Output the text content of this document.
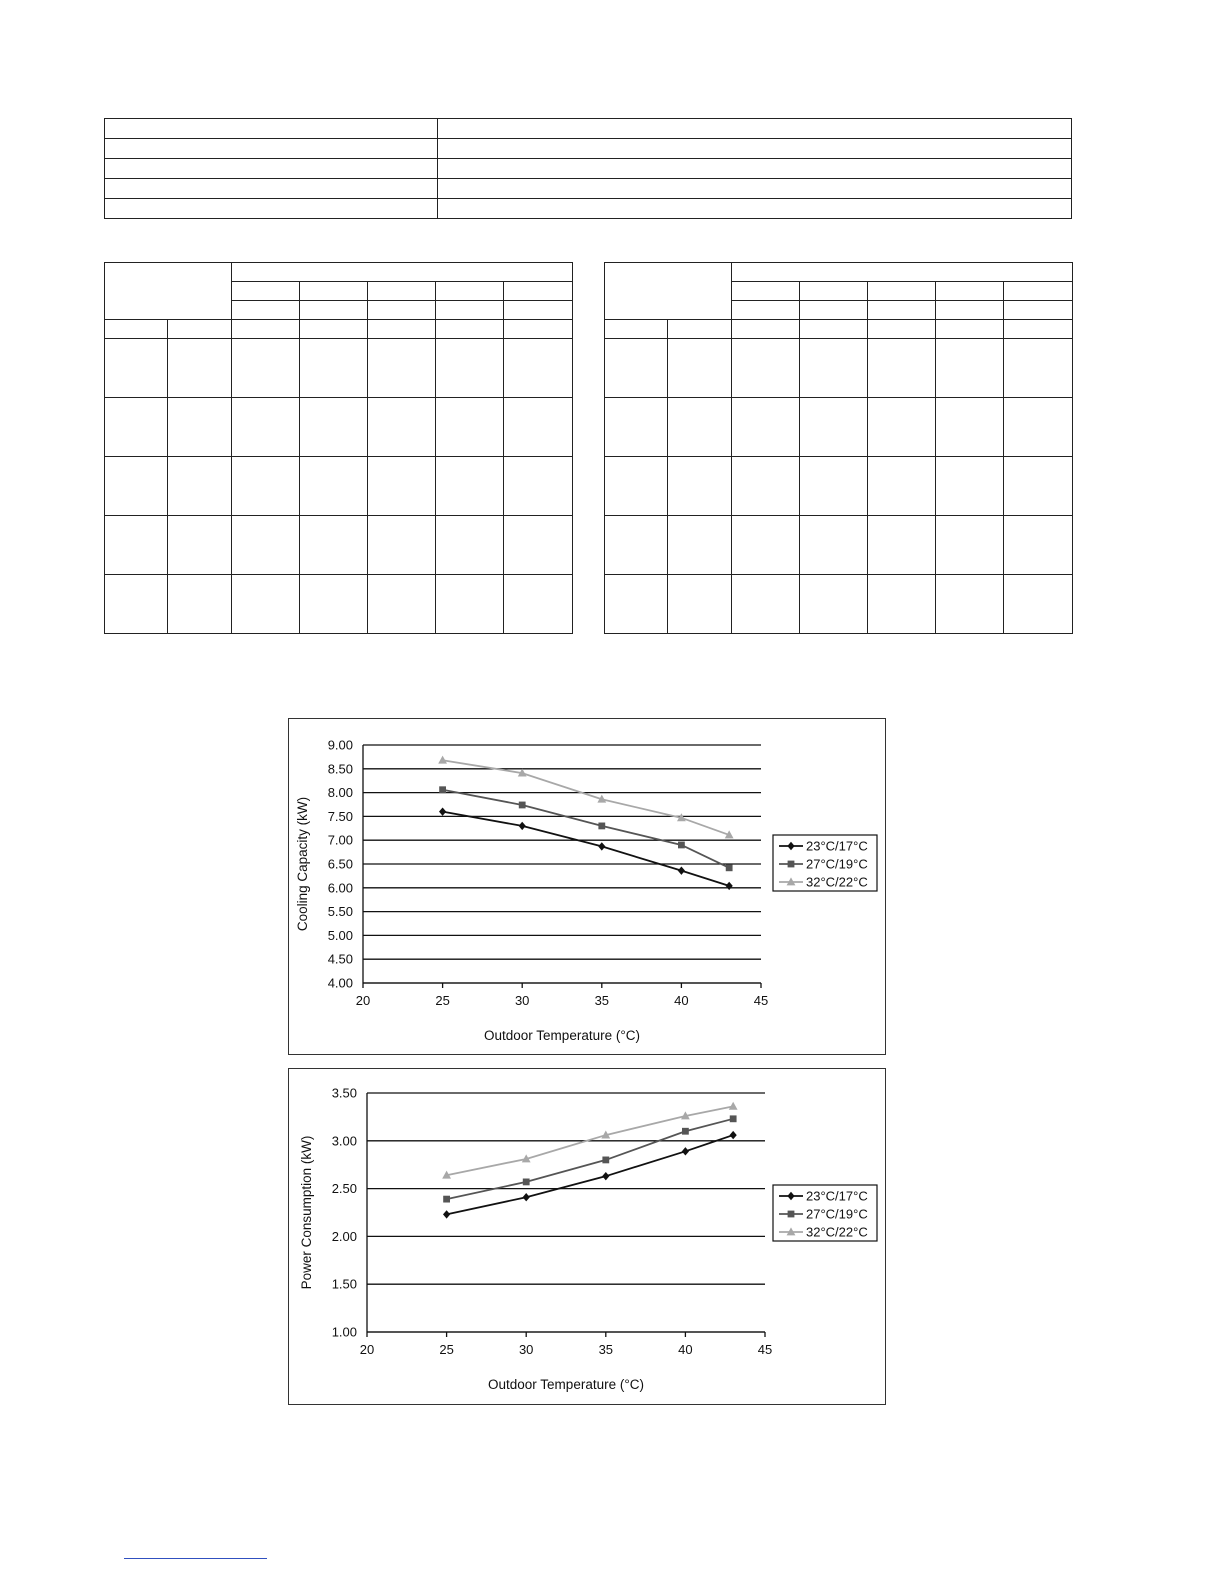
4.00
4.50
5.00
5.50
6.00
6.50
7.00
7.50
8.00
8.50
9.00
20	25	30	35	40	45
Outdoor Temperature (°C)
Cooling Capacity (kW)	23°C/17°C
27°C/19°C
32°C/22°C
1.00
1.50
2.00
2.50
3.00
3.50
20	25	30	35	40	45
Outdoor Temperature (°C)
Power Consumption (kW)	23°C/17°C
27°C/19°C
32°C/22°C
